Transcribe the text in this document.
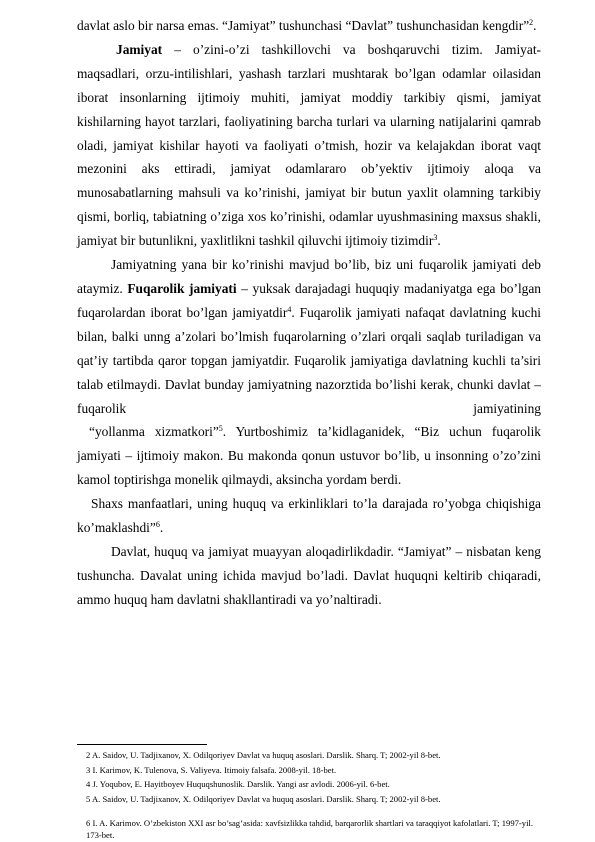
davlat aslo bir narsa emas. “Jamiyat” tushunchasi “Davlat” tushunchasidan kengdir”$^2$.

Jamiyat – o’zini-o’zi tashkillovchi va boshqaruvchi tizim. Jamiyat- maqsadlari, orzu-intilishlari, yashash tarzlari mushtarak bo’lgan odamlar oilasidan iborat insonlarning ijtimoiy muhiti, jamiyat moddiy tarkibiy qismi, jamiyat kishilarning hayot tarzlari, faoliyatining barcha turlari va ularning natijalarini qamrab oladi, jamiyat kishilar hayoti va faoliyati o’tmish, hozir va kelajakdan iborat vaqt mezonini aks ettiradi, jamiyat odamlararo ob’yektiv ijtimoiy aloqa va munosabatlarning mahsuli va ko’rinishi, jamiyat bir butun yaxlit olamning tarkibiy qismi, borliq, tabiatning o’ziga xos ko’rinishi, odamlar uyushmasining maxsus shakli, jamiyat bir butunlikni, yaxlitlikni tashkil qiluvchi ijtimoiy tizimdir$^3$.

Jamiyatning yana bir ko’rinishi mavjud bo’lib, biz uni fuqarolik jamiyati deb ataymiz. Fuqarolik jamiyati – yuksak darajadagi huquqiy madaniyatga ega bo’lgan fuqarolardan iborat bo’lgan jamiyatdir$^4$. Fuqarolik jamiyati nafaqat davlatning kuchi bilan, balki unng a’zolari bo’lmish fuqarolarning o’zlari orqali saqlab turiladigan va qat’iy tartibda qaror topgan jamiyatdir. Fuqarolik jamiyatiga davlatning kuchli ta’siri talab etilmaydi. Davlat bunday jamiyatning nazorztida bo’lishi kerak, chunki davlat – fuqarolik jamiyatining

“yollanma xizmatkori”$^5$. Yurtboshimiz ta’kidlaganidek, “Biz uchun fuqarolik jamiyati – ijtimoiy makon. Bu makonda qonun ustuvor bo’lib, u insonning o’zo’zini kamol toptirishga monelik qilmaydi, aksincha yordam berdi.

Shaxs manfaatlari, uning huquq va erkinliklari to’la darajada ro’yobga chiqishiga ko’maklashdi”$^6$.

Davlat, huquq va jamiyat muayyan aloqadirlikdadir. “Jamiyat” – nisbatan keng tushuncha. Davalat uning ichida mavjud bo’ladi. Davlat huquqni keltirib chiqaradi, ammo huquq ham davlatni shakllantiradi va yo’naltiradi.

2 A. Saidov, U. Tadjixanov, X. Odilqoriyev Davlat va huquq asoslari. Darslik. Sharq. T; 2002-yil 8-bet.
3 I. Karimov, K. Tulenova, S. Valiyeva. Itimoiy falsafa. 2008-yil. 18-bet.
4 J. Yoqubov, E. Hayitboyev Huquqshunoslik. Darslik. Yangi asr avlodi. 2006-yil. 6-bet.
5 A. Saidov, U. Tadjixanov, X. Odilqoriyev Davlat va huquq asoslari. Darslik. Sharq. T; 2002-yil 8-bet.
6 I. A. Karimov. O’zbekiston XXI asr bo’sag’asida: xavfsizlikka tahdid, barqarorlik shartlari va taraqqiyot kafolatlari. T; 1997-yil. 173-bet.
